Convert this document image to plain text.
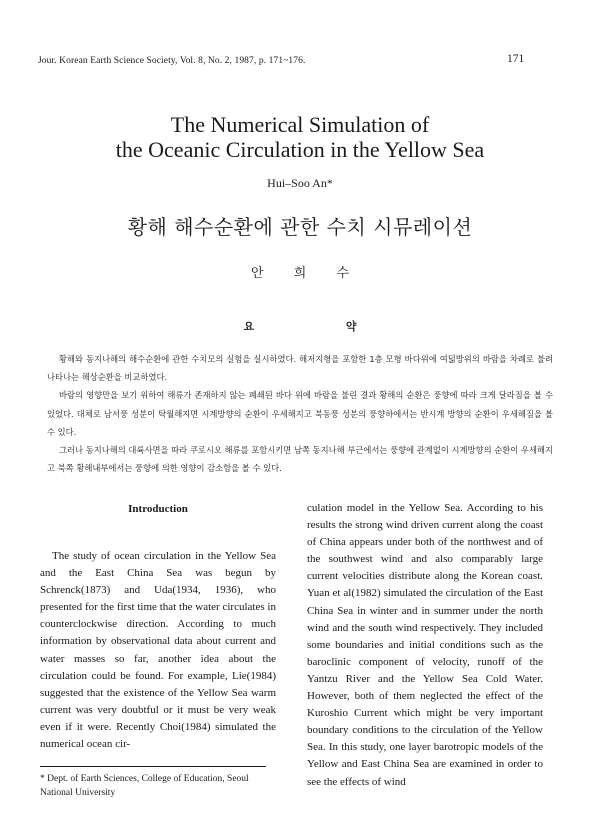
Jour. Korean Earth Science Society, Vol. 8, No. 2, 1987, p. 171~176.	171
The Numerical Simulation of
the Oceanic Circulation in the Yellow Sea
Hui–Soo An*
황해 해수순환에 관한 수치 시뮤레이션
안 희 수
요 약

황해와 동지나해의 해수순환에 관한 수치모의 실험을 실시하였다. 해저지형을 포함한 1층 모형 바다위에 여덟방위의 바람을 차례로 불려 나타나는 해상순환을 비교하였다.

바람의 영향만을 보기 위하여 해류가 존재하지 않는 폐쇄된 바다 위에 바람을 불린 결과 황해의 순환은 풍향에 따라 크게 달라짐을 볼 수 있었다. 대체로 남서풍 성분이 탁월해지면 시계방향의 순환이 우세해지고 북동풍 성분의 풍향하에서는 반시계 방향의 순환이 우세해짐을 볼 수 있다.

그러나 동지나해의 대륙사면을 따라 쿠로시오 해류를 포함시키면 남쪽 동지나해 부근에서는 풍향에 관계없이 시계방향의 순환이 우세해지고 북쪽 황해내부에서는 풍향에 의한 영향이 감소함을 볼 수 있다.

Introduction
The study of ocean circulation in the Yellow Sea and the East China Sea was begun by Schrenck(1873) and Uda(1934, 1936), who presented for the first time that the water circulates in counterclockwise direction. According to much information by observational data about current and water masses so far, another idea about the circulation could be found. For example, Lie(1984) suggested that the existence of the Yellow Sea warm current was very doubtful or it must be very weak even if it were. Recently Choi(1984) simulated the numerical ocean cir-
culation model in the Yellow Sea. According to his results the strong wind driven current along the coast of China appears under both of the northwest and of the southwest wind and also comparably large current velocities distribute along the Korean coast. Yuan et al(1982) simulated the circulation of the East China Sea in winter and in summer under the north wind and the south wind respectively. They included some boundaries and initial conditions such as the baroclinic component of velocity, runoff of the Yantzu River and the Yellow Sea Cold Water. However, both of them neglected the effect of the Kuroshio Current which might be very important boundary conditions to the circulation of the Yellow Sea. In this study, one layer barotropic models of the Yellow and East China Sea are examined in order to see the effects of wind
* Dept. of Earth Sciences, College of Education, Seoul National University
